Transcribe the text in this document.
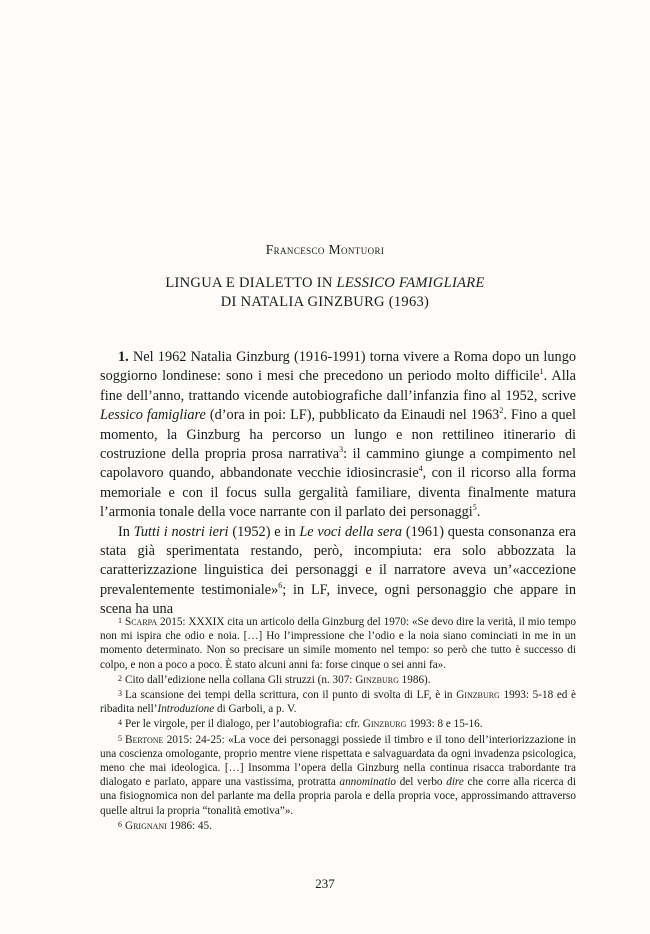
Francesco Montuori
LINGUA E DIALETTO IN LESSICO FAMIGLIARE
DI NATALIA GINZBURG (1963)

1. Nel 1962 Natalia Ginzburg (1916-1991) torna vivere a Roma dopo un lungo soggiorno londinese: sono i mesi che precedono un periodo molto difficile$^1$. Alla fine dell’anno, trattando vicende autobiografiche dall’infanzia fino al 1952, scrive Lessico famigliare (d’ora in poi: LF), pubblicato da Einaudi nel 1963$^2$. Fino a quel momento, la Ginzburg ha percorso un lungo e non rettilineo itinerario di costruzione della propria prosa narrativa$^3$: il cammino giunge a compimento nel capolavoro quando, abbandonate vecchie idiosincrasie$^4$, con il ricorso alla forma memoriale e con il focus sulla gergalità familiare, diventa finalmente matura l’armonia tonale della voce narrante con il parlato dei personaggi$^5$.

In Tutti i nostri ieri (1952) e in Le voci della sera (1961) questa consonanza era stata già sperimentata restando, però, incompiuta: era solo abbozzata la caratterizzazione linguistica dei personaggi e il narratore aveva un’«accezione prevalentemente testimoniale»$^6$; in LF, invece, ogni personaggio che appare in scena ha una

1 Scarpa 2015: XXXIX cita un articolo della Ginzburg del 1970: «Se devo dire la verità, il mio tempo non mi ispira che odio e noia. […] Ho l’impressione che l’odio e la noia siano cominciati in me in un momento determinato. Non so precisare un simile momento nel tempo: so però che tutto è successo di colpo, e non a poco a poco. È stato alcuni anni fa: forse cinque o sei anni fa».

2 Cito dall’edizione nella collana Gli struzzi (n. 307: Ginzburg 1986).

3 La scansione dei tempi della scrittura, con il punto di svolta di LF, è in Ginzburg 1993: 5-18 ed è ribadita nell’Introduzione di Garboli, a p. V.

4 Per le virgole, per il dialogo, per l’autobiografia: cfr. Ginzburg 1993: 8 e 15-16.

5 Bertone 2015: 24-25: «La voce dei personaggi possiede il timbro e il tono dell’interiorizzazione in una coscienza omologante, proprio mentre viene rispettata e salvaguardata da ogni invadenza psicologica, meno che mai ideologica. […] Insomma l’opera della Ginzburg nella continua risacca trabordante tra dialogato e parlato, appare una vastissima, protratta annominatio del verbo dire che corre alla ricerca di una fisiognomica non del parlante ma della propria parola e della propria voce, approssimando attraverso quelle altrui la propria “tonalità emotiva”».

6 Grignani 1986: 45.

237
